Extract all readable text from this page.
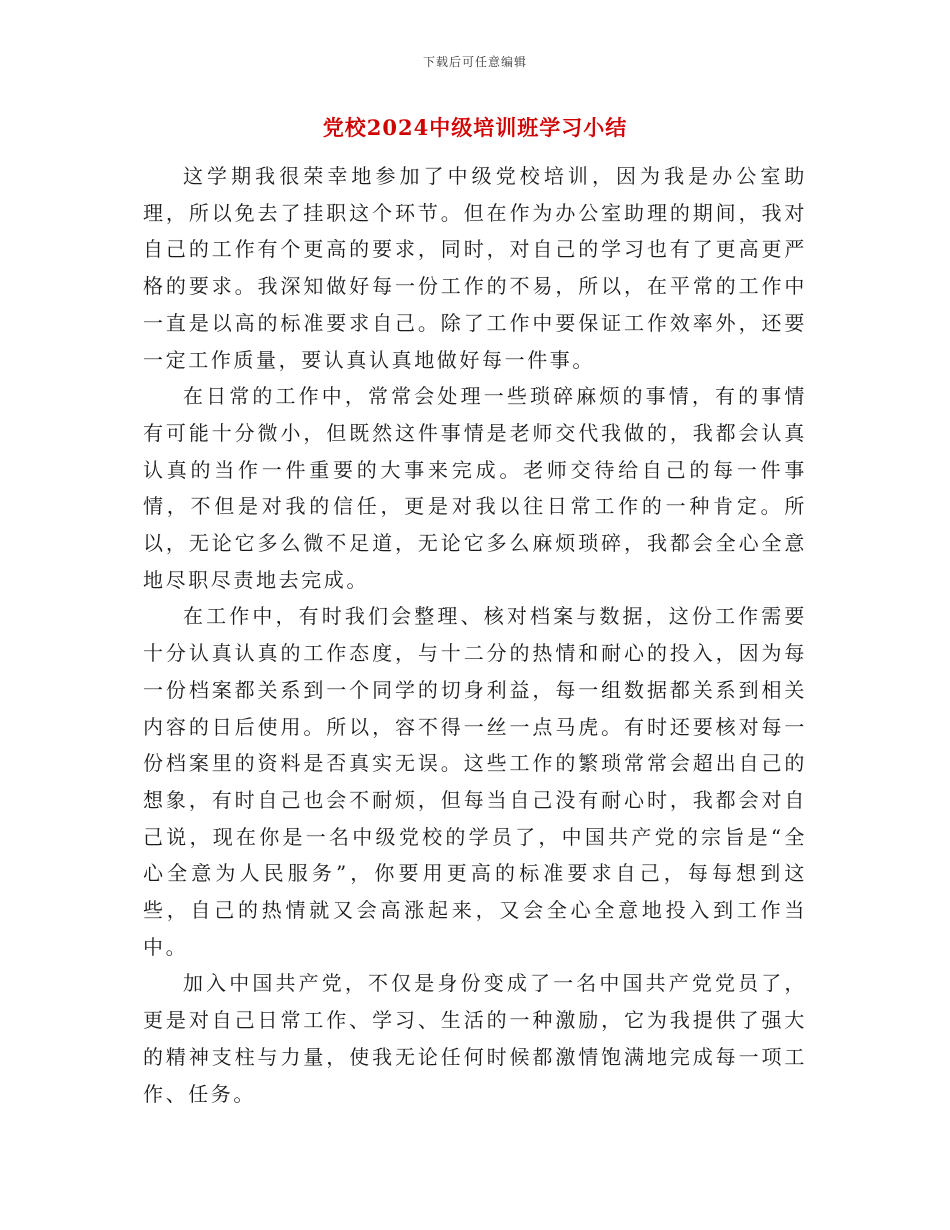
下载后可任意编辑
党校2024中级培训班学习小结

这学期我很荣幸地参加了中级党校培训，因为我是办公室助理，所以免去了挂职这个环节。但在作为办公室助理的期间，我对自己的工作有个更高的要求，同时，对自己的学习也有了更高更严格的要求。我深知做好每一份工作的不易，所以，在平常的工作中一直是以高的标准要求自己。除了工作中要保证工作效率外，还要一定工作质量，要认真认真地做好每一件事。

在日常的工作中，常常会处理一些琐碎麻烦的事情，有的事情有可能十分微小，但既然这件事情是老师交代我做的，我都会认真认真的当作一件重要的大事来完成。老师交待给自己的每一件事情，不但是对我的信任，更是对我以往日常工作的一种肯定。所以，无论它多么微不足道，无论它多么麻烦琐碎，我都会全心全意地尽职尽责地去完成。

在工作中，有时我们会整理、核对档案与数据，这份工作需要十分认真认真的工作态度，与十二分的热情和耐心的投入，因为每一份档案都关系到一个同学的切身利益，每一组数据都关系到相关内容的日后使用。所以，容不得一丝一点马虎。有时还要核对每一份档案里的资料是否真实无误。这些工作的繁琐常常会超出自己的想象，有时自己也会不耐烦，但每当自己没有耐心时，我都会对自己说，现在你是一名中级党校的学员了，中国共产党的宗旨是“全心全意为人民服务”，你要用更高的标准要求自己，每每想到这些，自己的热情就又会高涨起来，又会全心全意地投入到工作当中。

加入中国共产党，不仅是身份变成了一名中国共产党党员了，更是对自己日常工作、学习、生活的一种激励，它为我提供了强大的精神支柱与力量，使我无论任何时候都激情饱满地完成每一项工作、任务。
